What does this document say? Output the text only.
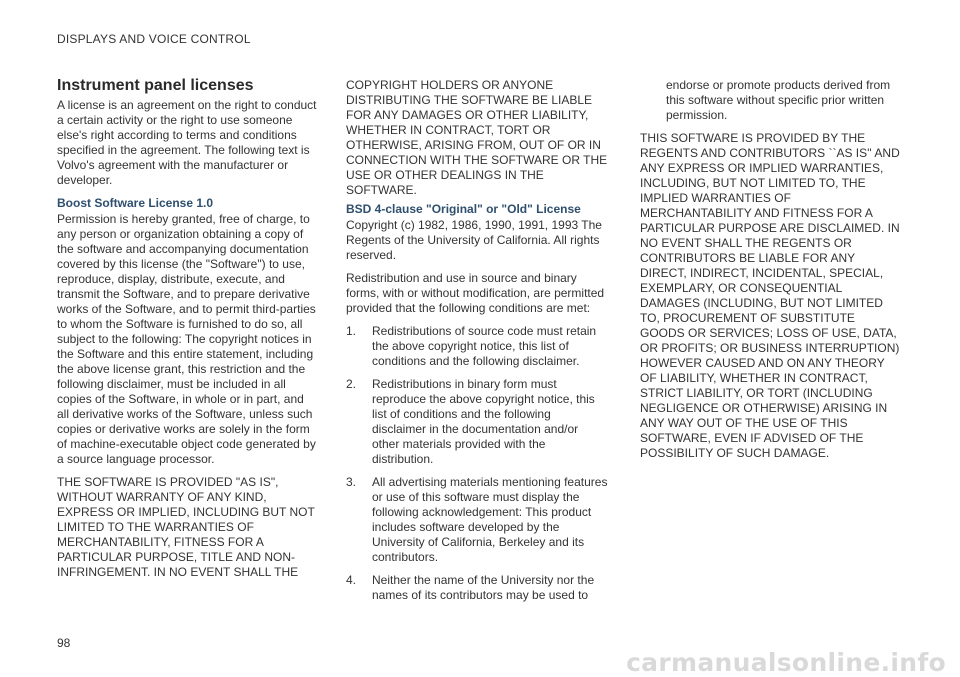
DISPLAYS AND VOICE CONTROL
Instrument panel licenses

A license is an agreement on the right to conduct a certain activity or the right to use someone else's right according to terms and conditions specified in the agreement. The following text is Volvo's agreement with the manufacturer or developer.

Boost Software License 1.0

Permission is hereby granted, free of charge, to any person or organization obtaining a copy of the software and accompanying documentation covered by this license (the "Software") to use, reproduce, display, distribute, execute, and transmit the Software, and to prepare derivative works of the Software, and to permit third-parties to whom the Software is furnished to do so, all subject to the following: The copyright notices in the Software and this entire statement, including the above license grant, this restriction and the following disclaimer, must be included in all copies of the Software, in whole or in part, and all derivative works of the Software, unless such copies or derivative works are solely in the form of machine-executable object code generated by a source language processor.

THE SOFTWARE IS PROVIDED "AS IS", WITHOUT WARRANTY OF ANY KIND, EXPRESS OR IMPLIED, INCLUDING BUT NOT LIMITED TO THE WARRANTIES OF MERCHANTABILITY, FITNESS FOR A PARTICULAR PURPOSE, TITLE AND NON-INFRINGEMENT. IN NO EVENT SHALL THE

COPYRIGHT HOLDERS OR ANYONE DISTRIBUTING THE SOFTWARE BE LIABLE FOR ANY DAMAGES OR OTHER LIABILITY, WHETHER IN CONTRACT, TORT OR OTHERWISE, ARISING FROM, OUT OF OR IN CONNECTION WITH THE SOFTWARE OR THE USE OR OTHER DEALINGS IN THE SOFTWARE.

BSD 4-clause "Original" or "Old" License

Copyright (c) 1982, 1986, 1990, 1991, 1993 The Regents of the University of California. All rights reserved.

Redistribution and use in source and binary forms, with or without modification, are permitted provided that the following conditions are met:

1. Redistributions of source code must retain the above copyright notice, this list of conditions and the following disclaimer.
2. Redistributions in binary form must reproduce the above copyright notice, this list of conditions and the following disclaimer in the documentation and/or other materials provided with the distribution.
3. All advertising materials mentioning features or use of this software must display the following acknowledgement: This product includes software developed by the University of California, Berkeley and its contributors.
4. Neither the name of the University nor the names of its contributors may be used to
endorse or promote products derived from this software without specific prior written permission.

THIS SOFTWARE IS PROVIDED BY THE REGENTS AND CONTRIBUTORS ``AS IS'' AND ANY EXPRESS OR IMPLIED WARRANTIES, INCLUDING, BUT NOT LIMITED TO, THE IMPLIED WARRANTIES OF MERCHANTABILITY AND FITNESS FOR A PARTICULAR PURPOSE ARE DISCLAIMED. IN NO EVENT SHALL THE REGENTS OR CONTRIBUTORS BE LIABLE FOR ANY DIRECT, INDIRECT, INCIDENTAL, SPECIAL, EXEMPLARY, OR CONSEQUENTIAL DAMAGES (INCLUDING, BUT NOT LIMITED TO, PROCUREMENT OF SUBSTITUTE GOODS OR SERVICES; LOSS OF USE, DATA, OR PROFITS; OR BUSINESS INTERRUPTION) HOWEVER CAUSED AND ON ANY THEORY OF LIABILITY, WHETHER IN CONTRACT, STRICT LIABILITY, OR TORT (INCLUDING NEGLIGENCE OR OTHERWISE) ARISING IN ANY WAY OUT OF THE USE OF THIS SOFTWARE, EVEN IF ADVISED OF THE POSSIBILITY OF SUCH DAMAGE.

98
carmanualsonline.info
